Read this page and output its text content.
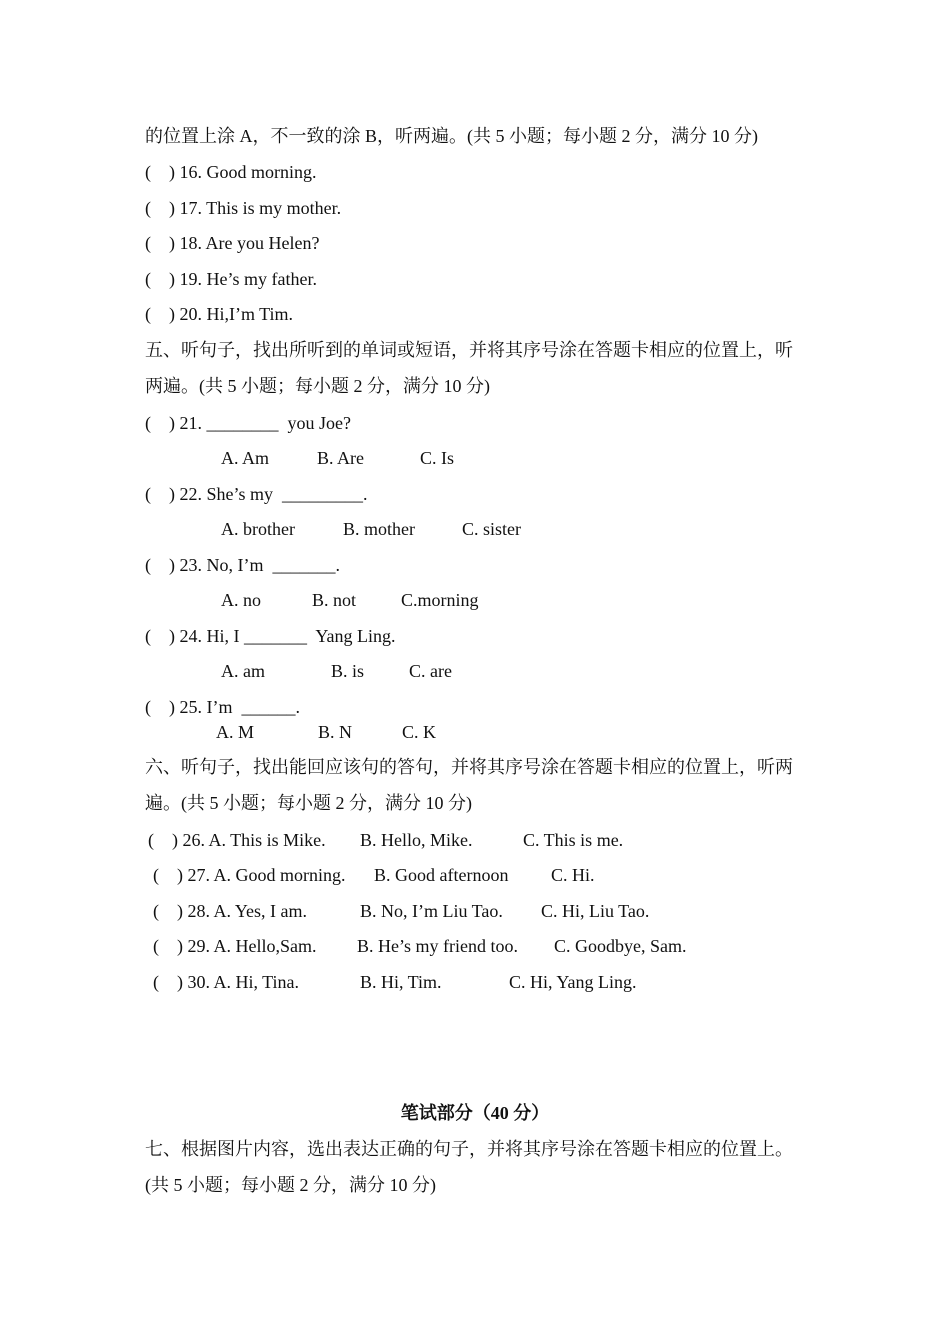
的位置上涂 A，不一致的涂 B，听两遍。(共 5 小题；每小题 2 分，满分 10 分)
(    ) 16. Good morning.
(    ) 17. This is my mother.
(    ) 18. Are you Helen?
(    ) 19. He’s my father.
(    ) 20. Hi,I’m Tim.
五、听句子，找出所听到的单词或短语，并将其序号涂在答题卡相应的位置上，听
两遍。(共 5 小题；每小题 2 分，满分 10 分)
(    ) 21. ________  you Joe?
A. Am	B. Are	C. Is
(    ) 22. She’s my  _________.
A. brother	B. mother	C. sister
(    ) 23. No, I’m  _______.
A. no	B. not C.morning
(    ) 24. Hi, I _______  Yang Ling.
A. am	B. is C. are
(    ) 25. I’m  ______.
A. M	B. N	C. K
六、听句子，找出能回应该句的答句，并将其序号涂在答题卡相应的位置上，听两
遍。(共 5 小题；每小题 2 分，满分 10 分)
(    ) 26. A. This is Mike. B. Hello, Mike.	C. This is me.
(    ) 27. A. Good morning. B. Good afternoon C. Hi.
(    ) 28. A. Yes, I am.	B. No, I’m Liu Tao. C. Hi, Liu Tao.
(    ) 29. A. Hello,Sam. B. He’s my friend too. C. Goodbye, Sam.
(    ) 30. A. Hi, Tina.	B. Hi, Tim.	C. Hi, Yang Ling.
笔试部分（40 分）
七、根据图片内容，选出表达正确的句子，并将其序号涂在答题卡相应的位置上。
(共 5 小题；每小题 2 分，满分 10 分)
